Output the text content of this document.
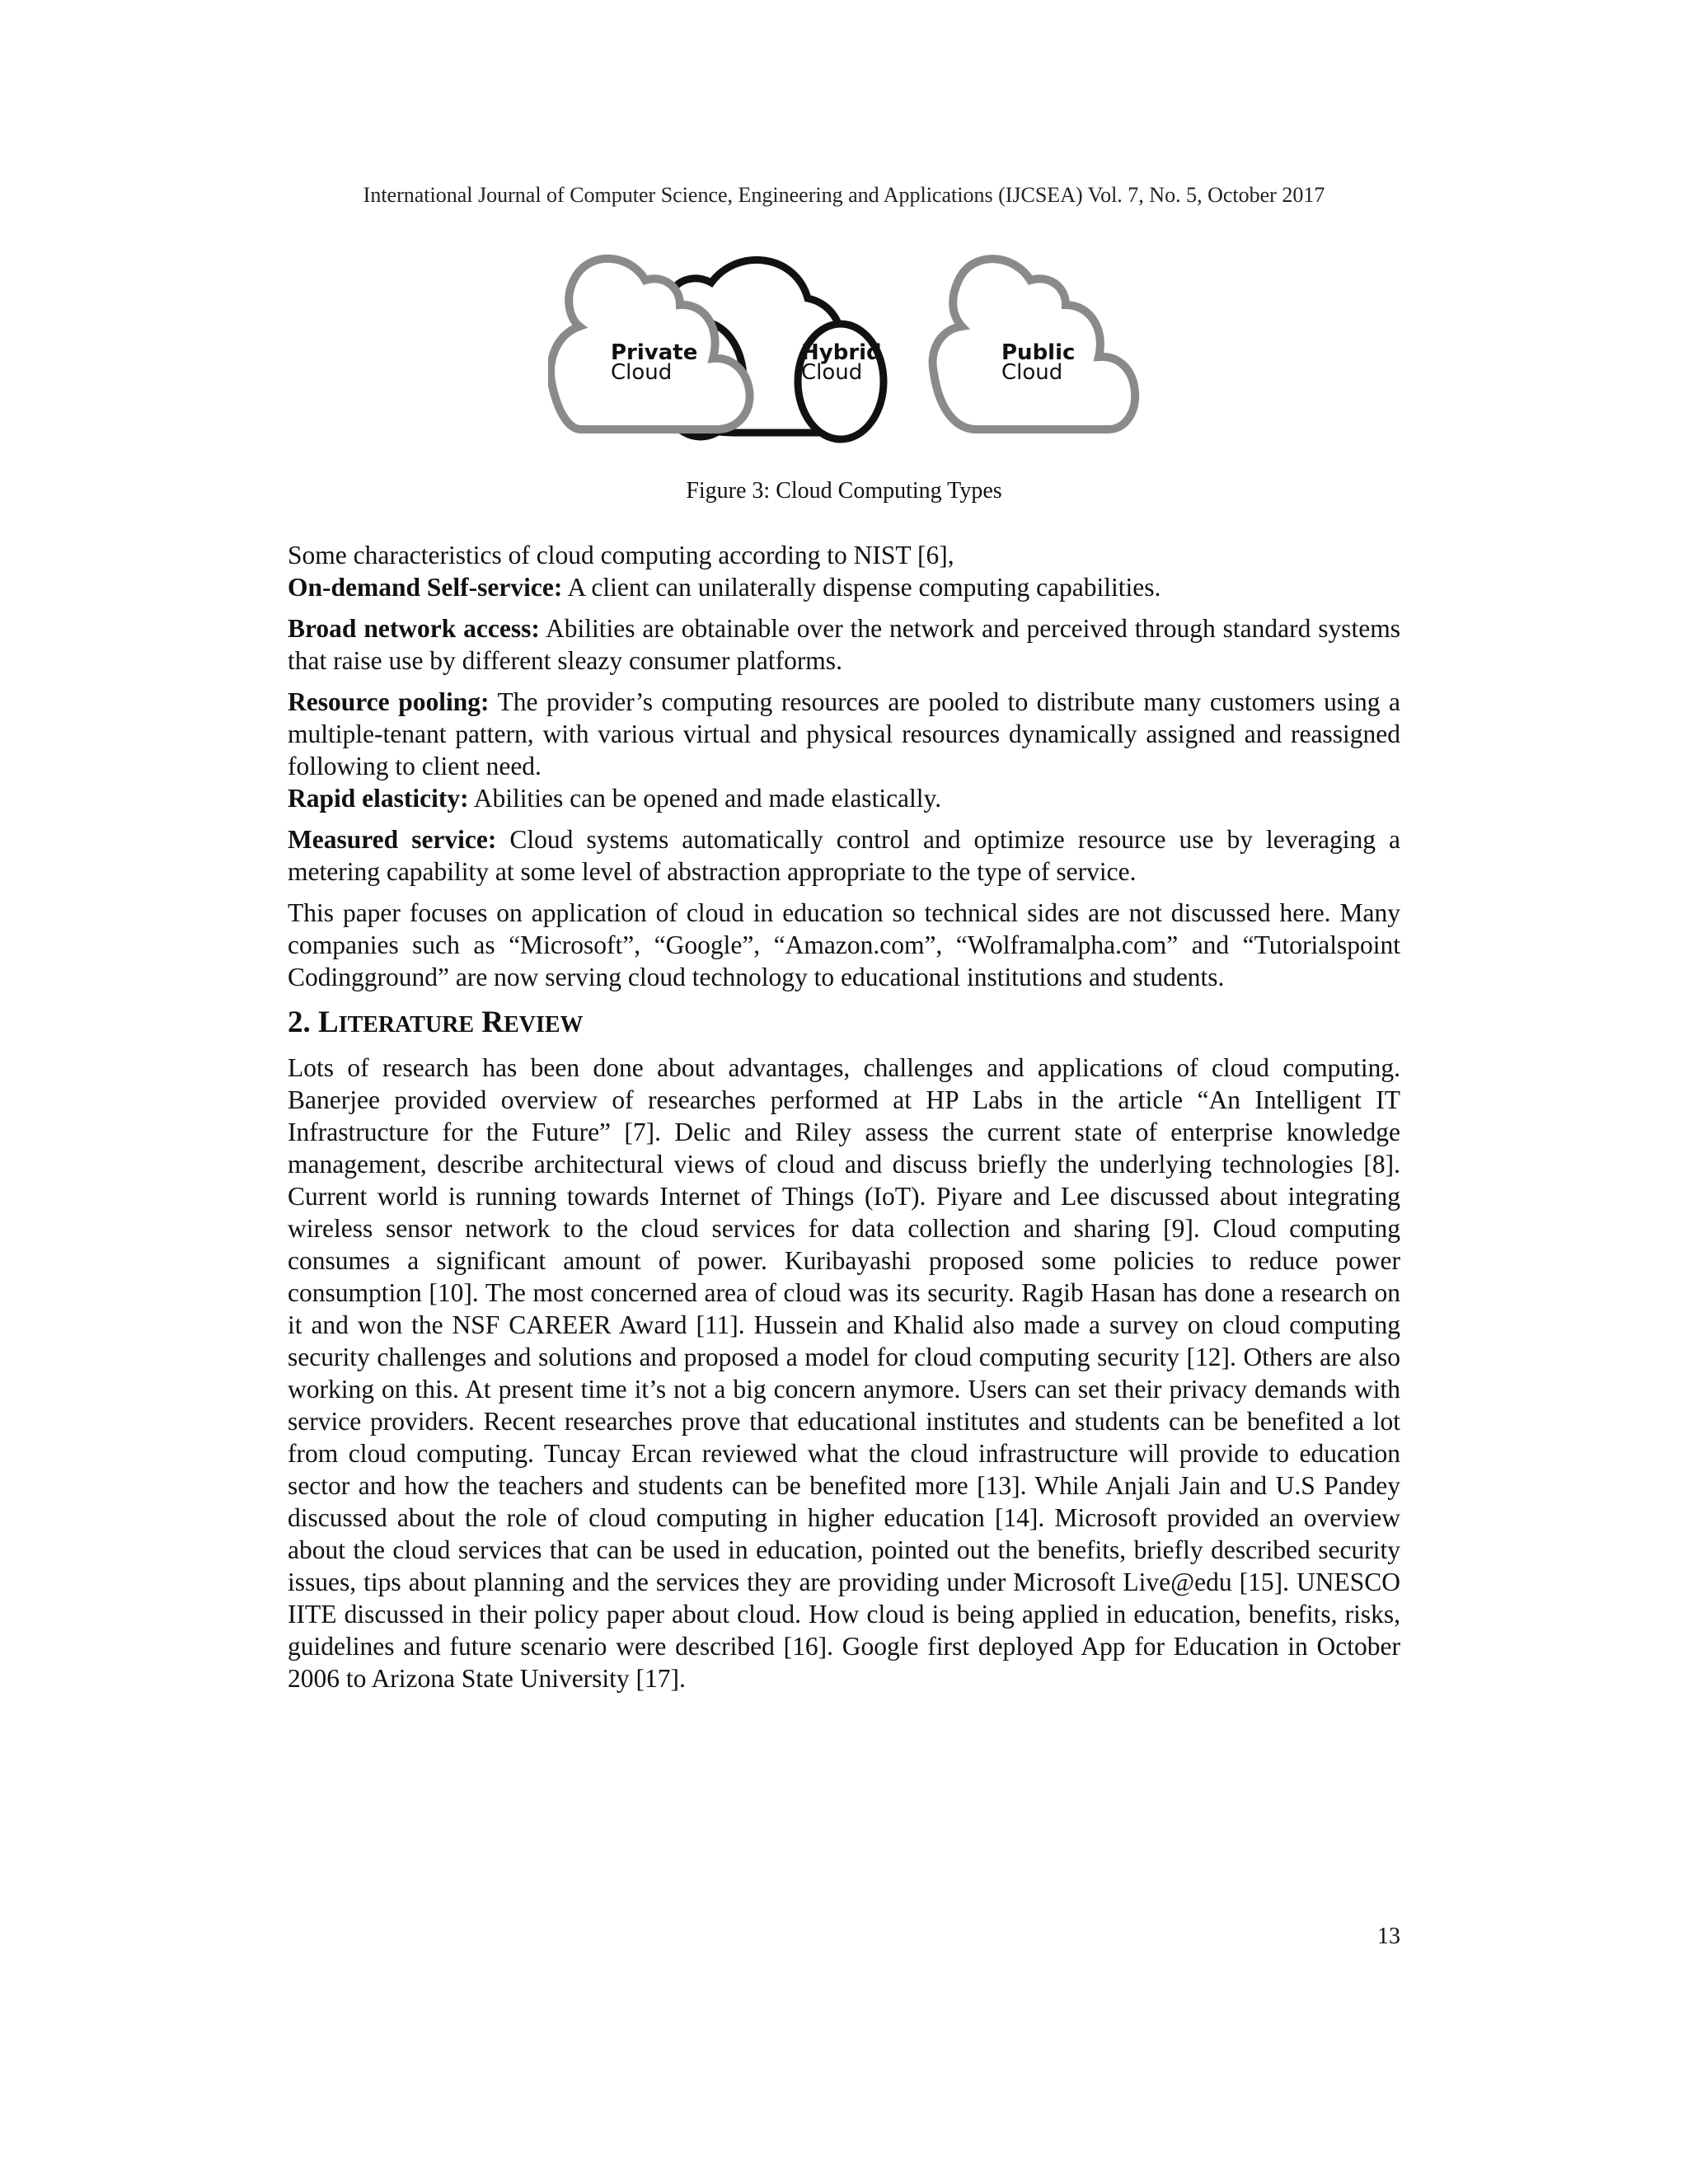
International Journal of Computer Science, Engineering and Applications (IJCSEA) Vol. 7, No. 5, October 2017
Private
Cloud
Hybrid
Cloud
Public
Cloud
Figure 3: Cloud Computing Types

Some characteristics of cloud computing according to NIST [6],

On-demand Self-service: A client can unilaterally dispense computing capabilities.

Broad network access: Abilities are obtainable over the network and perceived through standard systems that raise use by different sleazy consumer platforms.

Resource pooling: The provider’s computing resources are pooled to distribute many customers using a multiple-tenant pattern, with various virtual and physical resources dynamically assigned and reassigned following to client need.

Rapid elasticity: Abilities can be opened and made elastically.

Measured service: Cloud systems automatically control and optimize resource use by leveraging a metering capability at some level of abstraction appropriate to the type of service.

This paper focuses on application of cloud in education so technical sides are not discussed here. Many companies such as “Microsoft”, “Google”, “Amazon.com”, “Wolframalpha.com” and “Tutorialspoint Codingground” are now serving cloud technology to educational institutions and students.

2. LITERATURE REVIEW

Lots of research has been done about advantages, challenges and applications of cloud computing. Banerjee provided overview of researches performed at HP Labs in the article “An Intelligent IT Infrastructure for the Future” [7]. Delic and Riley assess the current state of enterprise knowledge management, describe architectural views of cloud and discuss briefly the underlying technologies [8]. Current world is running towards Internet of Things (IoT). Piyare and Lee discussed about integrating wireless sensor network to the cloud services for data collection and sharing [9]. Cloud computing consumes a significant amount of power. Kuribayashi proposed some policies to reduce power consumption [10]. The most concerned area of cloud was its security. Ragib Hasan has done a research on it and won the NSF CAREER Award [11]. Hussein and Khalid also made a survey on cloud computing security challenges and solutions and proposed a model for cloud computing security [12]. Others are also working on this. At present time it’s not a big concern anymore. Users can set their privacy demands with service providers. Recent researches prove that educational institutes and students can be benefited a lot from cloud computing. Tuncay Ercan reviewed what the cloud infrastructure will provide to education sector and how the teachers and students can be benefited more [13]. While Anjali Jain and U.S Pandey discussed about the role of cloud computing in higher education [14]. Microsoft provided an overview about the cloud services that can be used in education, pointed out the benefits, briefly described security issues, tips about planning and the services they are providing under Microsoft Live@edu [15]. UNESCO IITE discussed in their policy paper about cloud. How cloud is being applied in education, benefits, risks, guidelines and future scenario were described [16]. Google first deployed App for Education in October 2006 to Arizona State University [17].

13
